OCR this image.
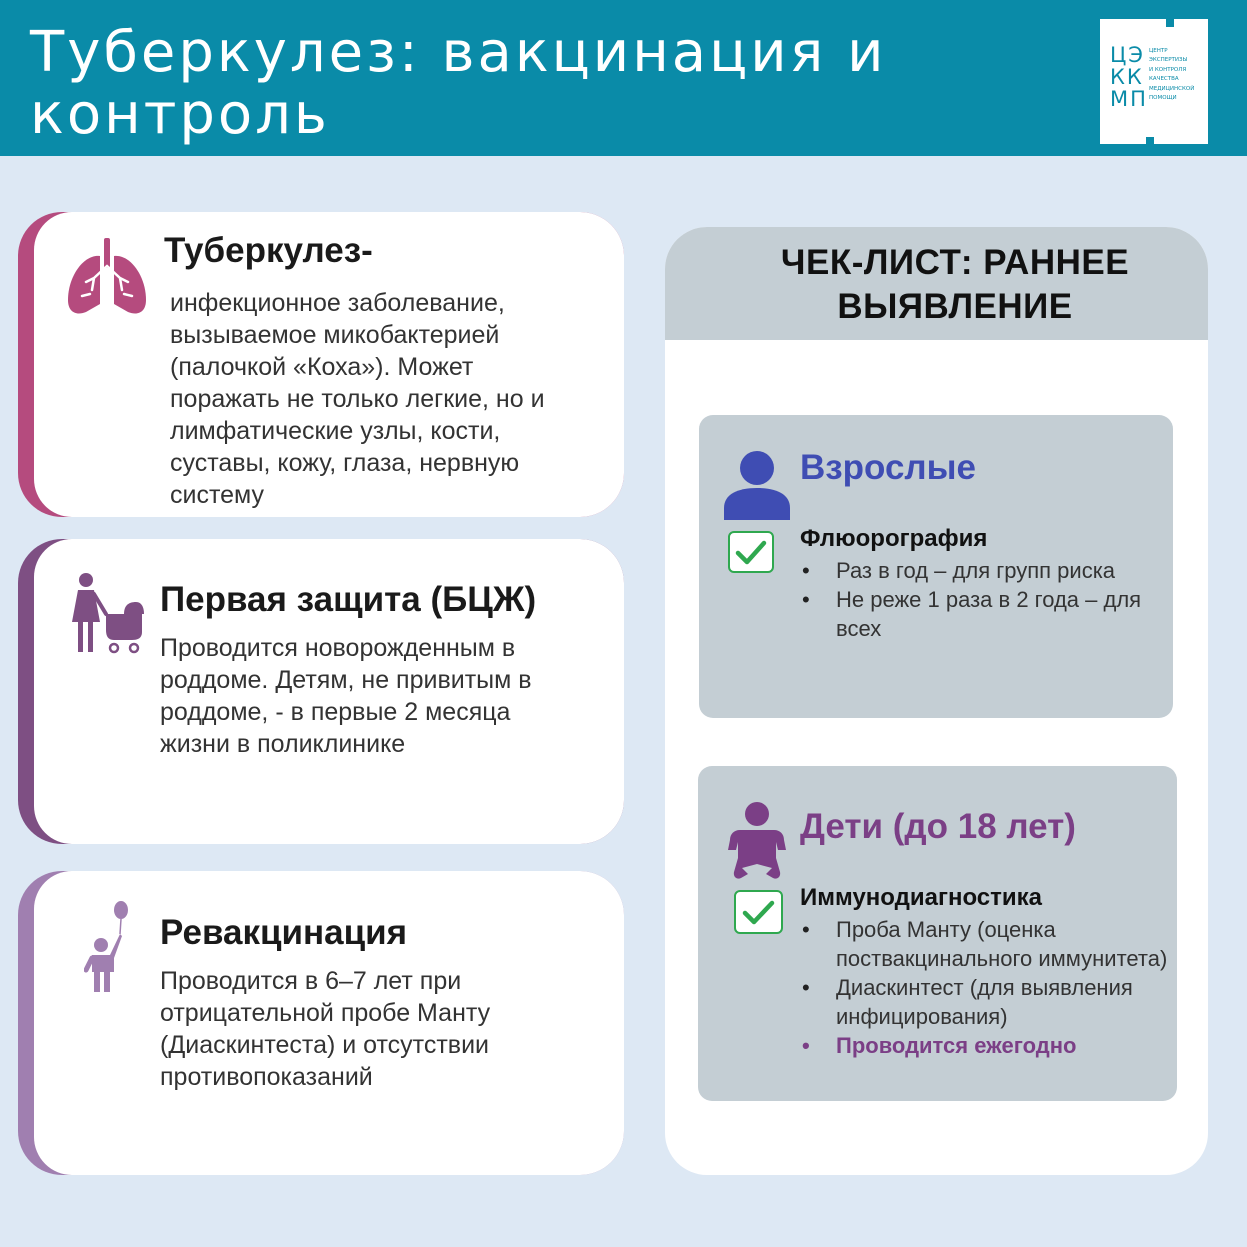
Туберкулез: вакцинация и контроль
ЦЭ КК МП
ЦЕНТР
ЭКСПЕРТИЗЫ
И КОНТРОЛЯ
КАЧЕСТВА
МЕДИЦИНСКОЙ
ПОМОЩИ
Туберкулез-
инфекционное заболевание, вызываемое микобактерией (палочкой «Коха»). Может поражать не только легкие, но и лимфатические узлы, кости, суставы, кожу, глаза, нервную систему
Первая защита (БЦЖ)
Проводится новорожденным в роддоме. Детям, не привитым в роддоме, - в первые 2 месяца жизни в поликлинике
Ревакцинация
Проводится в 6–7 лет при отрицательной пробе Манту (Диаскинтеста) и отсутствии противопоказаний
ЧЕК-ЛИСТ: РАННЕЕ ВЫЯВЛЕНИЕ
Взрослые
Флюорография
• Раз в год – для групп риска
• Не реже 1 раза в 2 года – для всех
Дети (до 18 лет)
Иммунодиагностика
• Проба Манту (оценка поствакцинального иммунитета)
• Диаскинтест (для выявления инфицирования)
• Проводится ежегодно
